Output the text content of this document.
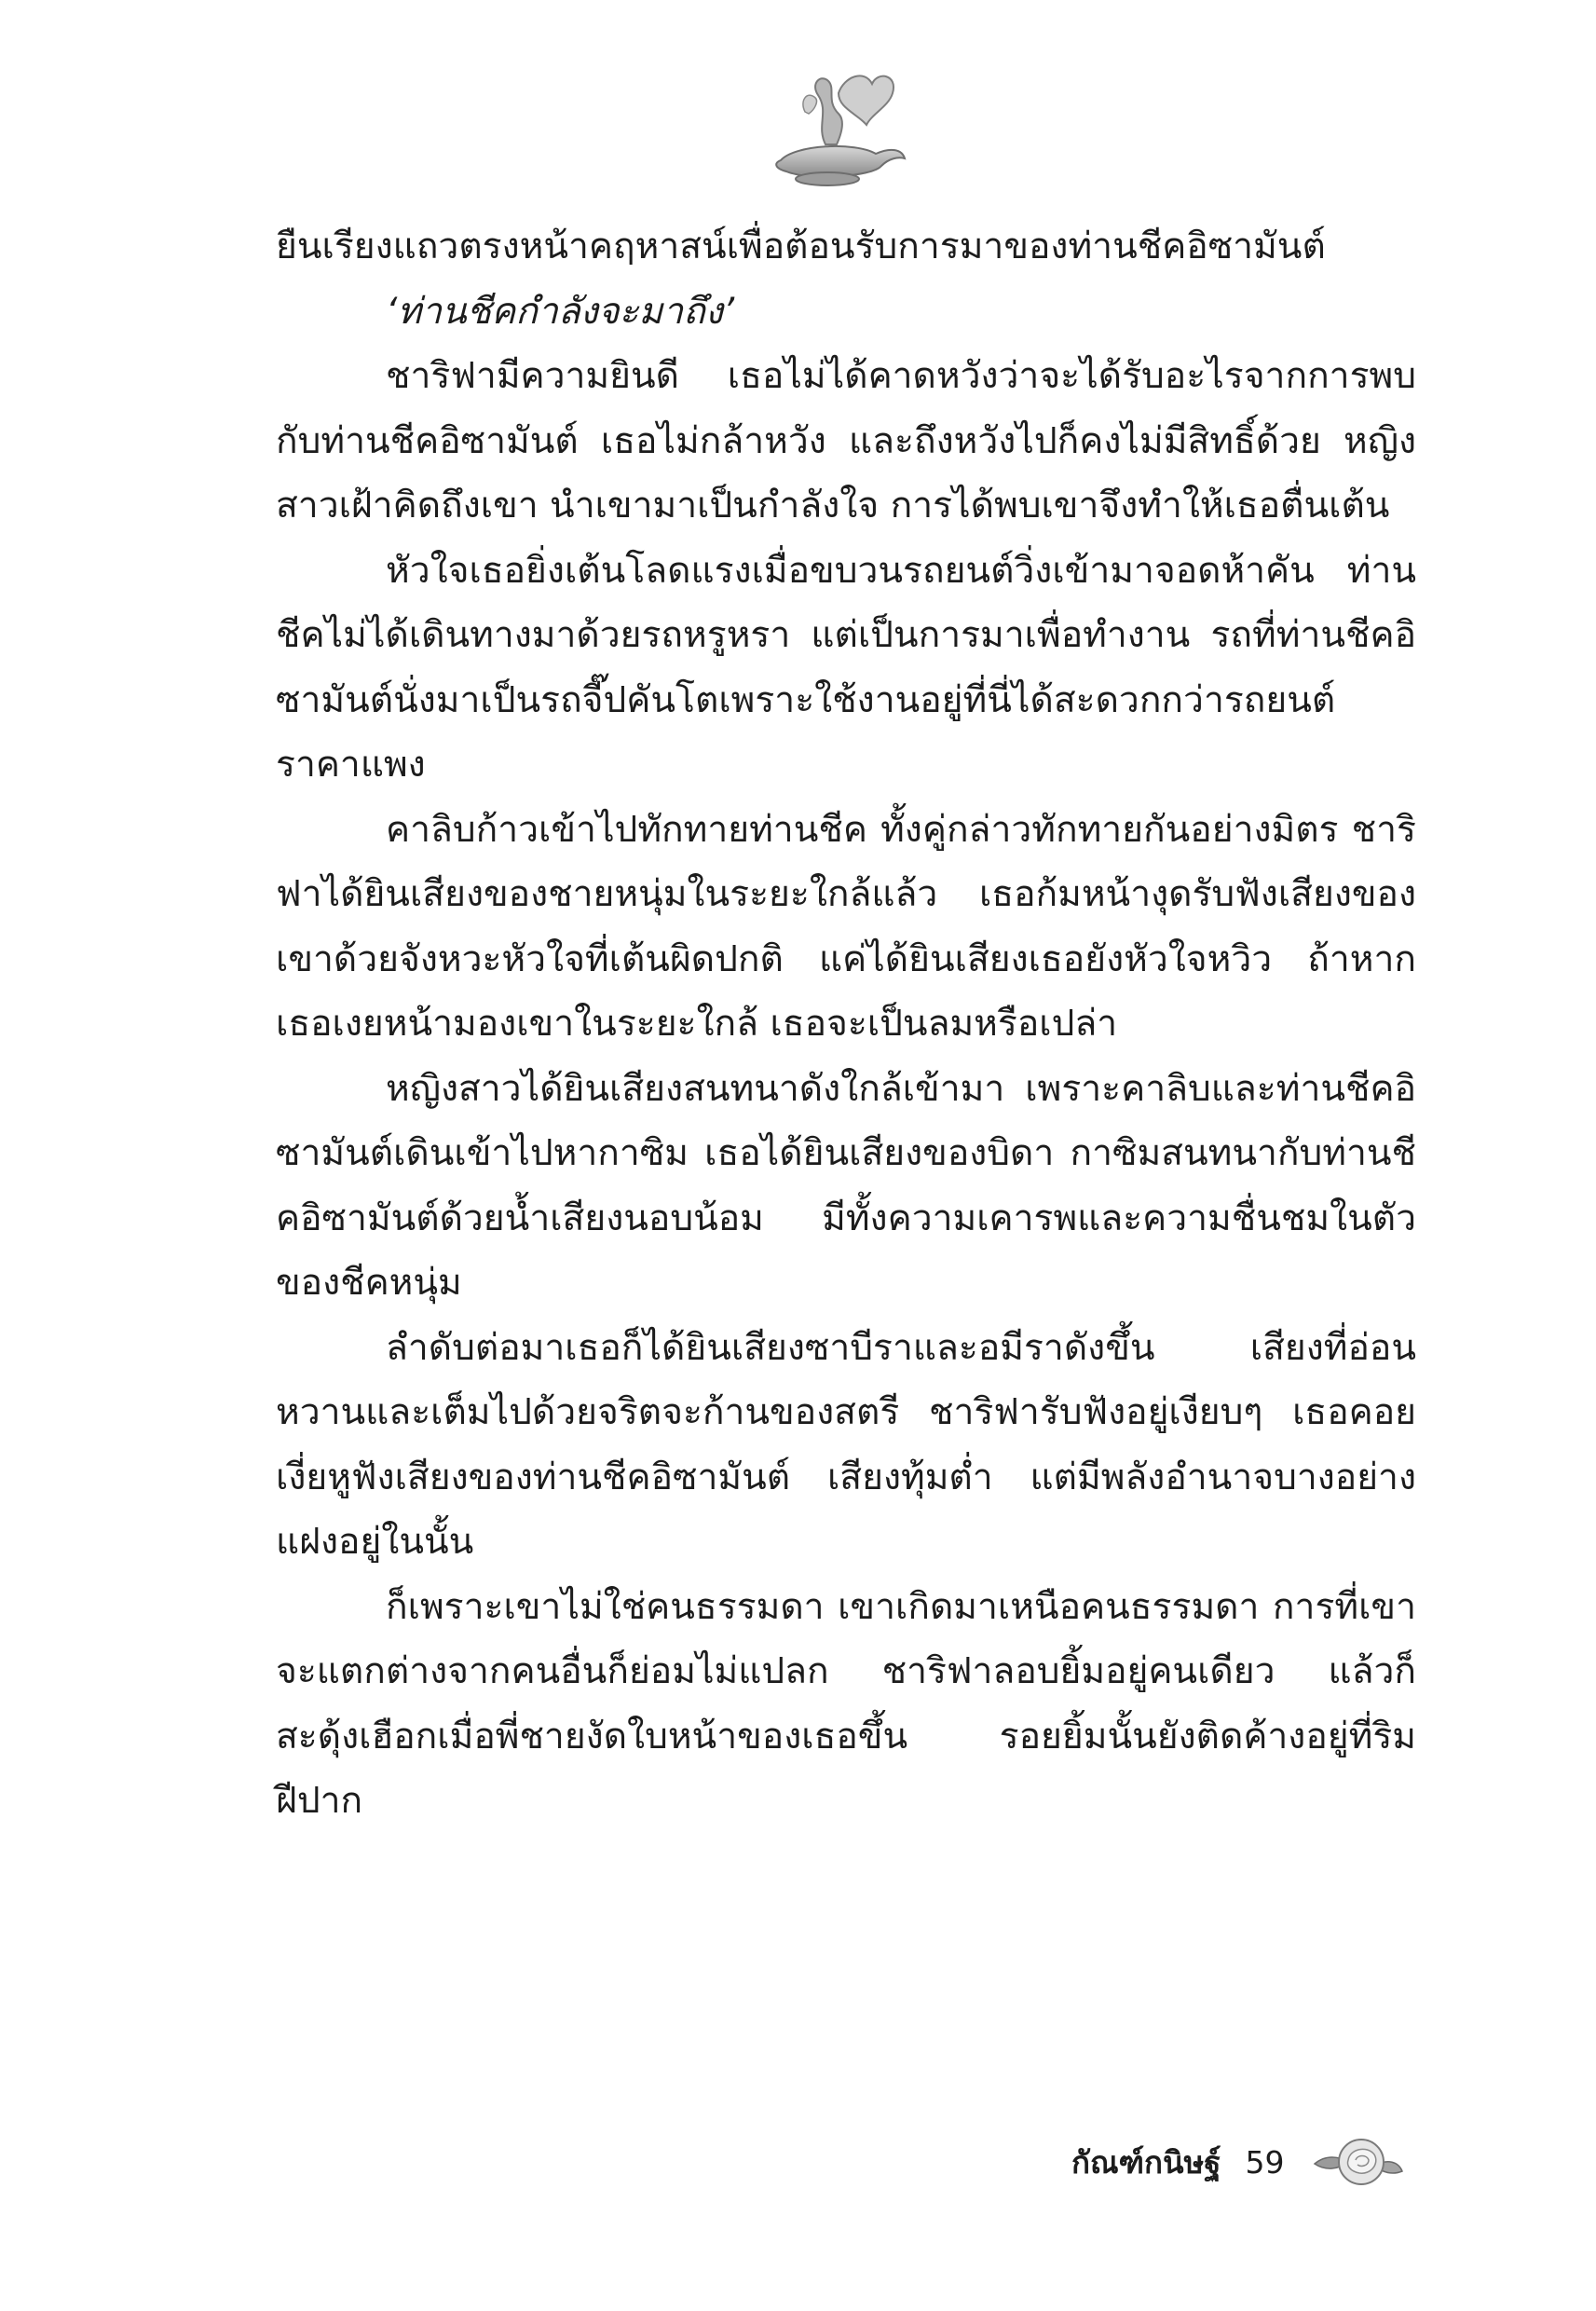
ยืนเรียงแถวตรงหน้าคฤหาสน์เพื่อต้อนรับการมาของท่านชีคอิซามันต์

‘ท่านชีคกำลังจะมาถึง’

ชาริฟามีความยินดี เธอไม่ได้คาดหวังว่าจะได้รับอะไรจากการพบกับท่านชีคอิซามันต์ เธอไม่กล้าหวัง และถึงหวังไปก็คงไม่มีสิทธิ์ด้วย หญิงสาวเฝ้าคิดถึงเขา นำเขามาเป็นกำลังใจ การได้พบเขาจึงทำให้เธอตื่นเต้น

หัวใจเธอยิ่งเต้นโลดแรงเมื่อขบวนรถยนต์วิ่งเข้ามาจอดห้าคัน ท่านชีคไม่ได้เดินทางมาด้วยรถหรูหรา แต่เป็นการมาเพื่อทำงาน รถที่ท่านชีคอิซามันต์นั่งมาเป็นรถจี๊ปคันโตเพราะใช้งานอยู่ที่นี่ได้สะดวกกว่ารถยนต์ราคาแพง

คาลิบก้าวเข้าไปทักทายท่านชีค ทั้งคู่กล่าวทักทายกันอย่างมิตร ชาริฟาได้ยินเสียงของชายหนุ่มในระยะใกล้แล้ว เธอก้มหน้างุดรับฟังเสียงของเขาด้วยจังหวะหัวใจที่เต้นผิดปกติ แค่ได้ยินเสียงเธอยังหัวใจหวิว ถ้าหากเธอเงยหน้ามองเขาในระยะใกล้ เธอจะเป็นลมหรือเปล่า

หญิงสาวได้ยินเสียงสนทนาดังใกล้เข้ามา เพราะคาลิบและท่านชีคอิซามันต์เดินเข้าไปหากาซิม เธอได้ยินเสียงของบิดา กาซิมสนทนากับท่านชีคอิซามันต์ด้วยน้ำเสียงนอบน้อม มีทั้งความเคารพและความชื่นชมในตัวของชีคหนุ่ม

ลำดับต่อมาเธอก็ได้ยินเสียงซาบีราและอมีราดังขึ้น เสียงที่อ่อนหวานและเต็มไปด้วยจริตจะก้านของสตรี ชาริฟารับฟังอยู่เงียบๆ เธอคอยเงี่ยหูฟังเสียงของท่านชีคอิซามันต์ เสียงทุ้มต่ำ แต่มีพลังอำนาจบางอย่างแฝงอยู่ในนั้น

ก็เพราะเขาไม่ใช่คนธรรมดา เขาเกิดมาเหนือคนธรรมดา การที่เขาจะแตกต่างจากคนอื่นก็ย่อมไม่แปลก ชาริฟาลอบยิ้มอยู่คนเดียว แล้วก็สะดุ้งเฮือกเมื่อพี่ชายงัดใบหน้าของเธอขึ้น รอยยิ้มนั้นยังติดค้างอยู่ที่ริมฝีปาก

กัณฑ์กนิษฐ์ 59
